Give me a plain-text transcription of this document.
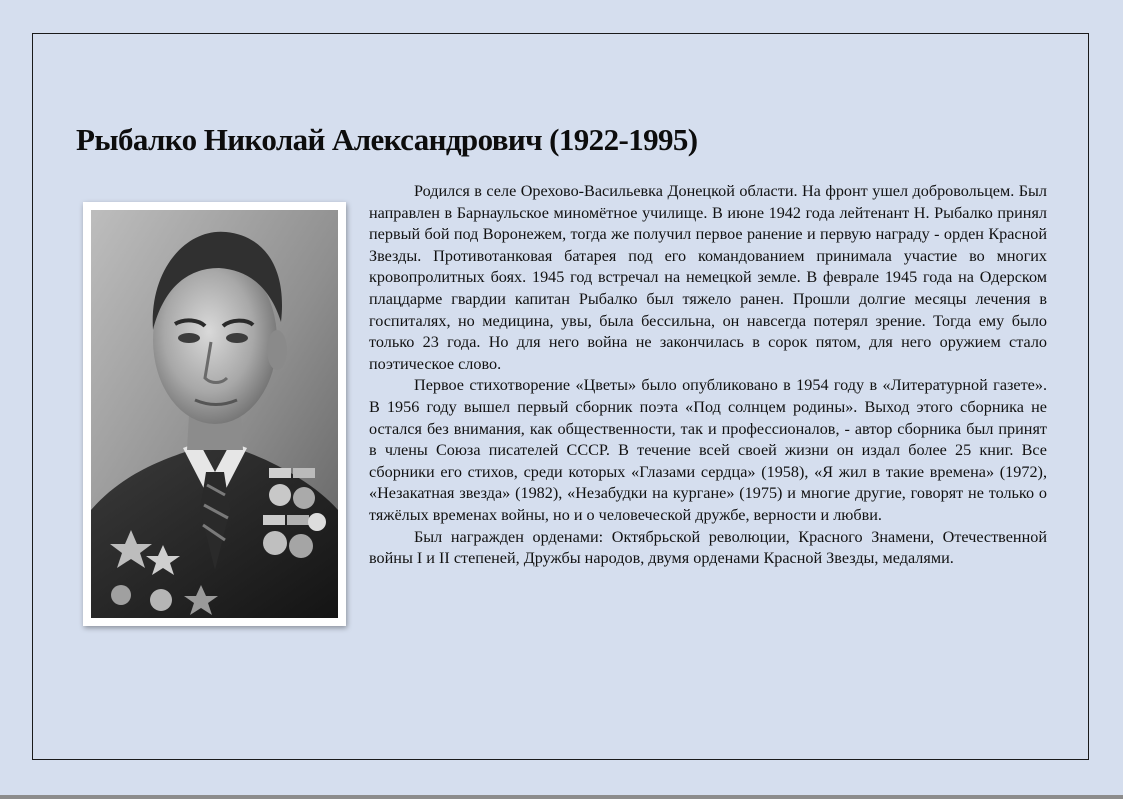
Рыбалко Николай Александрович (1922-1995)

Родился в селе Орехово-Васильевка Донецкой области. На фронт ушел добровольцем. Был направлен в Барнаульское миномётное училище. В июне 1942 года лейтенант Н. Рыбалко принял первый бой под Воронежем, тогда же получил первое ранение и первую награду - орден Красной Звезды. Противотанковая батарея под его командованием принимала участие во многих кровопролитных боях. 1945 год встречал на немецкой земле. В феврале 1945 года на Одерском плацдарме гвардии капитан Рыбалко был тяжело ранен. Прошли долгие месяцы лечения в госпиталях, но медицина, увы, была бессильна, он навсегда потерял зрение. Тогда ему было только 23 года. Но для него война не закончилась в сорок пятом, для него оружием стало поэтическое слово.

Первое стихотворение «Цветы» было опубликовано в 1954 году в «Литературной газете». В 1956 году вышел первый сборник поэта «Под солнцем родины». Выход этого сборника не остался без внимания, как общественности, так и профессионалов, - автор сборника был принят в члены Союза писателей СССР. В течение всей своей жизни он издал более 25 книг. Все сборники его стихов, среди которых «Глазами сердца» (1958), «Я жил в такие времена» (1972), «Незакатная звезда» (1982), «Незабудки на кургане» (1975) и многие другие, говорят не только о тяжёлых временах войны, но и о человеческой дружбе, верности и любви.

Был награжден орденами: Октябрьской революции, Красного Знамени, Отечественной войны I и II степеней, Дружбы народов, двумя орденами Красной Звезды, медалями.
